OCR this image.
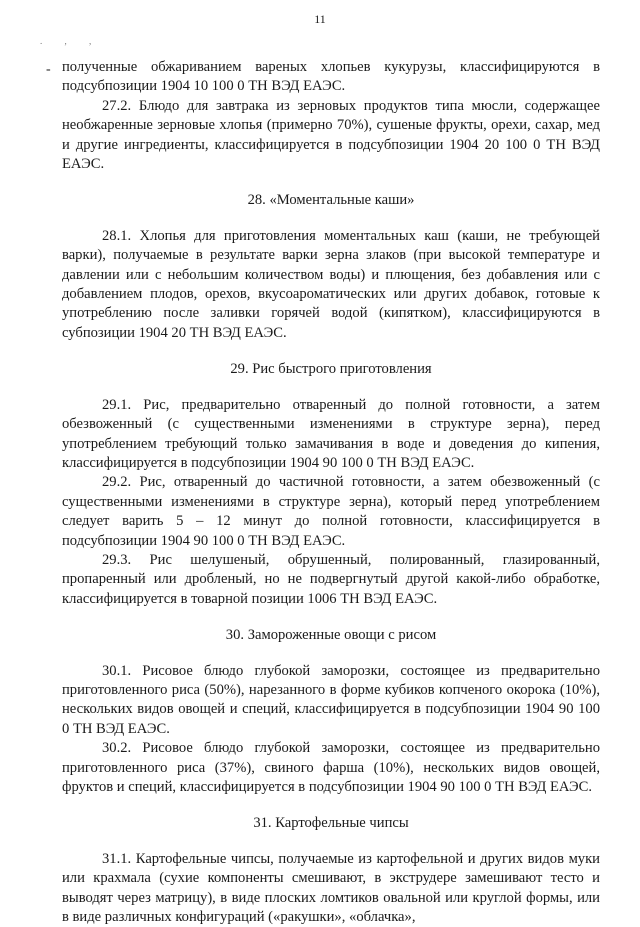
11
. , ,
- полученные обжариванием вареных хлопьев кукурузы, классифицируются в подсубпозиции 1904 10 100 0 ТН ВЭД ЕАЭС.

27.2. Блюдо для завтрака из зерновых продуктов типа мюсли, содержащее необжаренные зерновые хлопья (примерно 70%), сушеные фрукты, орехи, сахар, мед и другие ингредиенты, классифицируется в подсубпозиции 1904 20 100 0 ТН ВЭД ЕАЭС.

28. «Моментальные каши»

28.1. Хлопья для приготовления моментальных каш (каши, не требующей варки), получаемые в результате варки зерна злаков (при высокой температуре и давлении или с небольшим количеством воды) и плющения, без добавления или с добавлением плодов, орехов, вкусоароматических или других добавок, готовые к употреблению после заливки горячей водой (кипятком), классифицируются в субпозиции 1904 20 ТН ВЭД ЕАЭС.

29. Рис быстрого приготовления

29.1. Рис, предварительно отваренный до полной готовности, а затем обезвоженный (с существенными изменениями в структуре зерна), перед употреблением требующий только замачивания в воде и доведения до кипения, классифицируется в подсубпозиции 1904 90 100 0 ТН ВЭД ЕАЭС.

29.2. Рис, отваренный до частичной готовности, а затем обезвоженный (с существенными изменениями в структуре зерна), который перед употреблением следует варить 5 – 12 минут до полной готовности, классифицируется в подсубпозиции 1904 90 100 0 ТН ВЭД ЕАЭС.

29.3. Рис шелушеный, обрушенный, полированный, глазированный, пропаренный или дробленый, но не подвергнутый другой какой-либо обработке, классифицируется в товарной позиции 1006 ТН ВЭД ЕАЭС.

30. Замороженные овощи с рисом

30.1. Рисовое блюдо глубокой заморозки, состоящее из предварительно приготовленного риса (50%), нарезанного в форме кубиков копченого окорока (10%), нескольких видов овощей и специй, классифицируется в подсубпозиции 1904 90 100 0 ТН ВЭД ЕАЭС.

30.2. Рисовое блюдо глубокой заморозки, состоящее из предварительно приготовленного риса (37%), свиного фарша (10%), нескольких видов овощей, фруктов и специй, классифицируется в подсубпозиции 1904 90 100 0 ТН ВЭД ЕАЭС.

31. Картофельные чипсы

31.1. Картофельные чипсы, получаемые из картофельной и других видов муки или крахмала (сухие компоненты смешивают, в экструдере замешивают тесто и выводят через матрицу), в виде плоских ломтиков овальной или круглой формы, или в виде различных конфигураций («ракушки», «облачка»,
